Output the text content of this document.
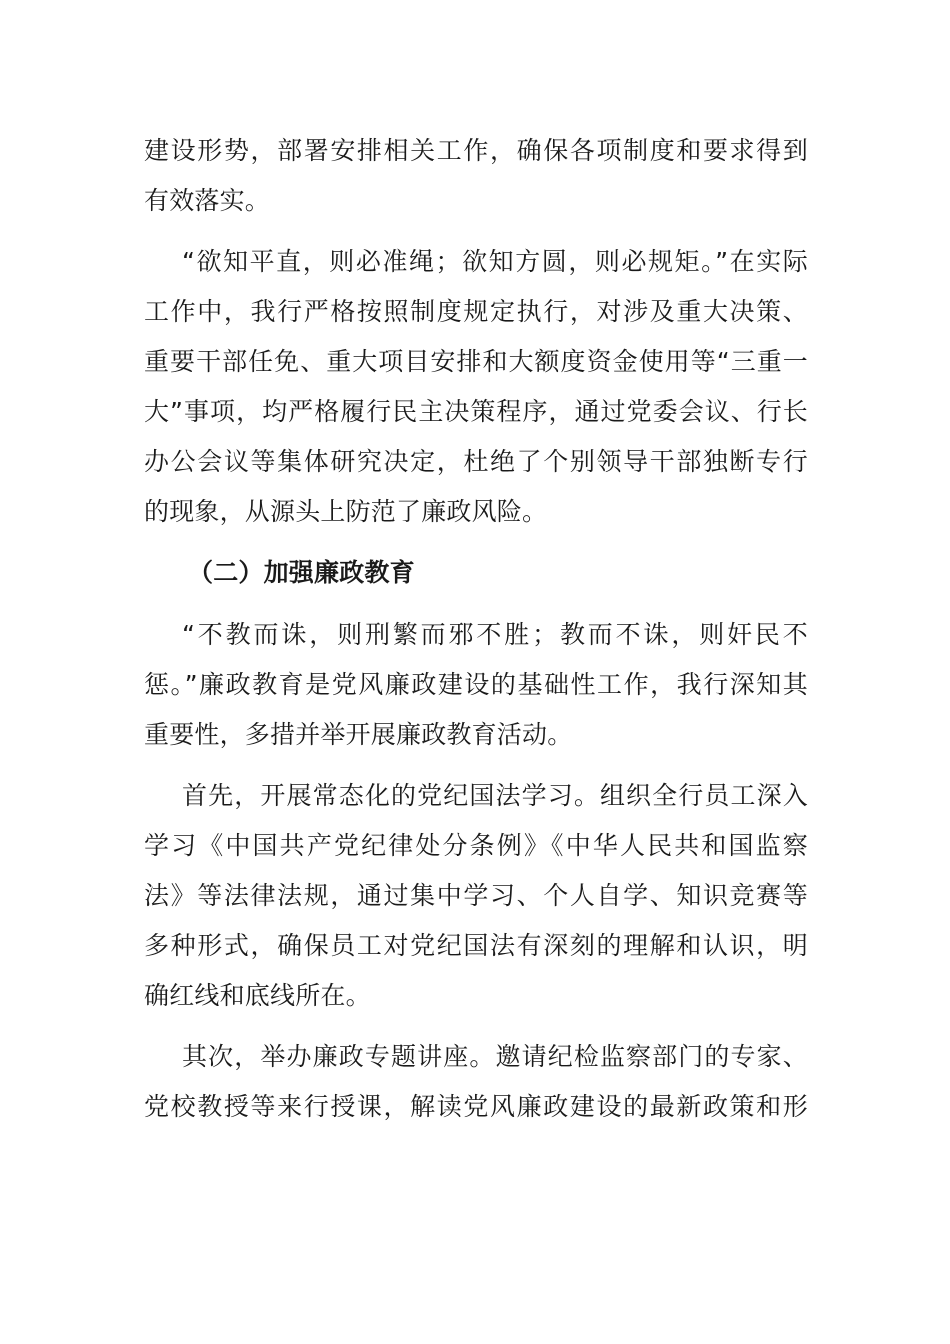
建设形势，部署安排相关工作，确保各项制度和要求得到
有效落实。
“欲知平直，则必准绳；欲知方圆，则必规矩。”在实际
工作中，我行严格按照制度规定执行，对涉及重大决策、
重要干部任免、重大项目安排和大额度资金使用等“三重一
大”事项，均严格履行民主决策程序，通过党委会议、行长
办公会议等集体研究决定，杜绝了个别领导干部独断专行
的现象，从源头上防范了廉政风险。
（二）加强廉政教育
“不教而诛，则刑繁而邪不胜；教而不诛，则奸民不
惩。”廉政教育是党风廉政建设的基础性工作，我行深知其
重要性，多措并举开展廉政教育活动。
首先，开展常态化的党纪国法学习。组织全行员工深入
学习《中国共产党纪律处分条例》《中华人民共和国监察
法》等法律法规，通过集中学习、个人自学、知识竞赛等
多种形式，确保员工对党纪国法有深刻的理解和认识，明
确红线和底线所在。
其次，举办廉政专题讲座。邀请纪检监察部门的专家、
党校教授等来行授课，解读党风廉政建设的最新政策和形
